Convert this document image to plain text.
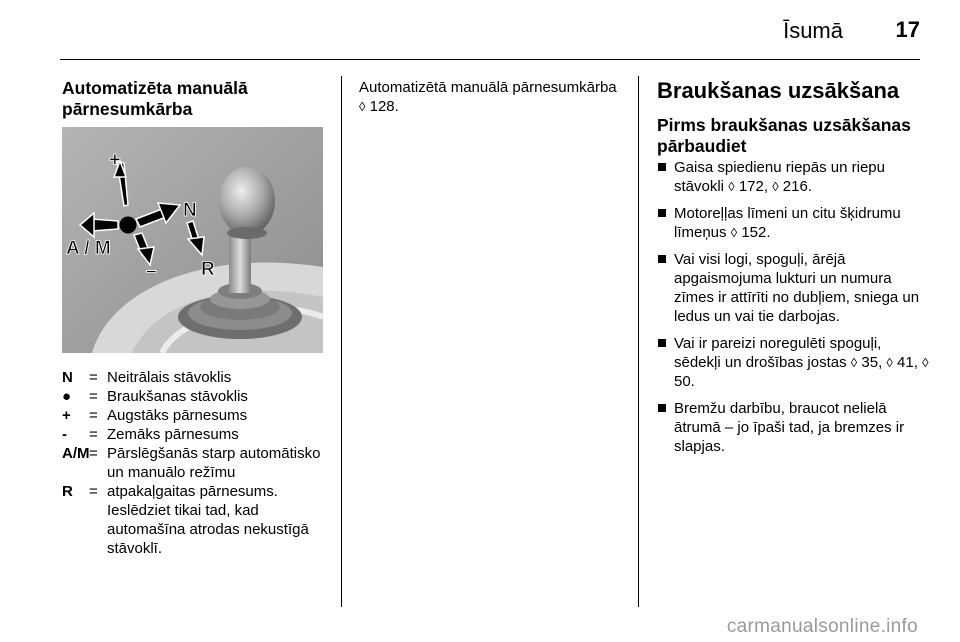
Īsumā 17
Automatizēta manuālā pārnesumkārba
+
N
A / M
– R
N	= Neitrālais stāvoklis
●	= Braukšanas stāvoklis
+	= Augstāks pārnesums
-	= Zemāks pārnesums
A/M = Pārslēgšanās starp automātisko un manuālo režīmu
R	= atpakaļgaitas pārnesums. Ieslēdziet tikai tad, kad automašīna atrodas nekustīgā stāvoklī.
Automatizētā manuālā pārnesumkārba ◊ 128.
Braukšanas uzsākšana
Pirms braukšanas uzsākšanas pārbaudiet
Gaisa spiedienu riepās un riepu stāvokli ◊ 172, ◊ 216.
Motoreļļas līmeni un citu šķidrumu līmeņus ◊ 152.
Vai visi logi, spoguļi, ārējā apgaismojuma lukturi un numura zīmes ir attīrīti no dubļiem, sniega un ledus un vai tie darbojas.
Vai ir pareizi noregulēti spoguļi, sēdekļi un drošības jostas ◊ 35, ◊ 41, ◊ 50.
Bremžu darbību, braucot nelielā ātrumā – jo īpaši tad, ja bremzes ir slapjas.
carmanualsonline.info
